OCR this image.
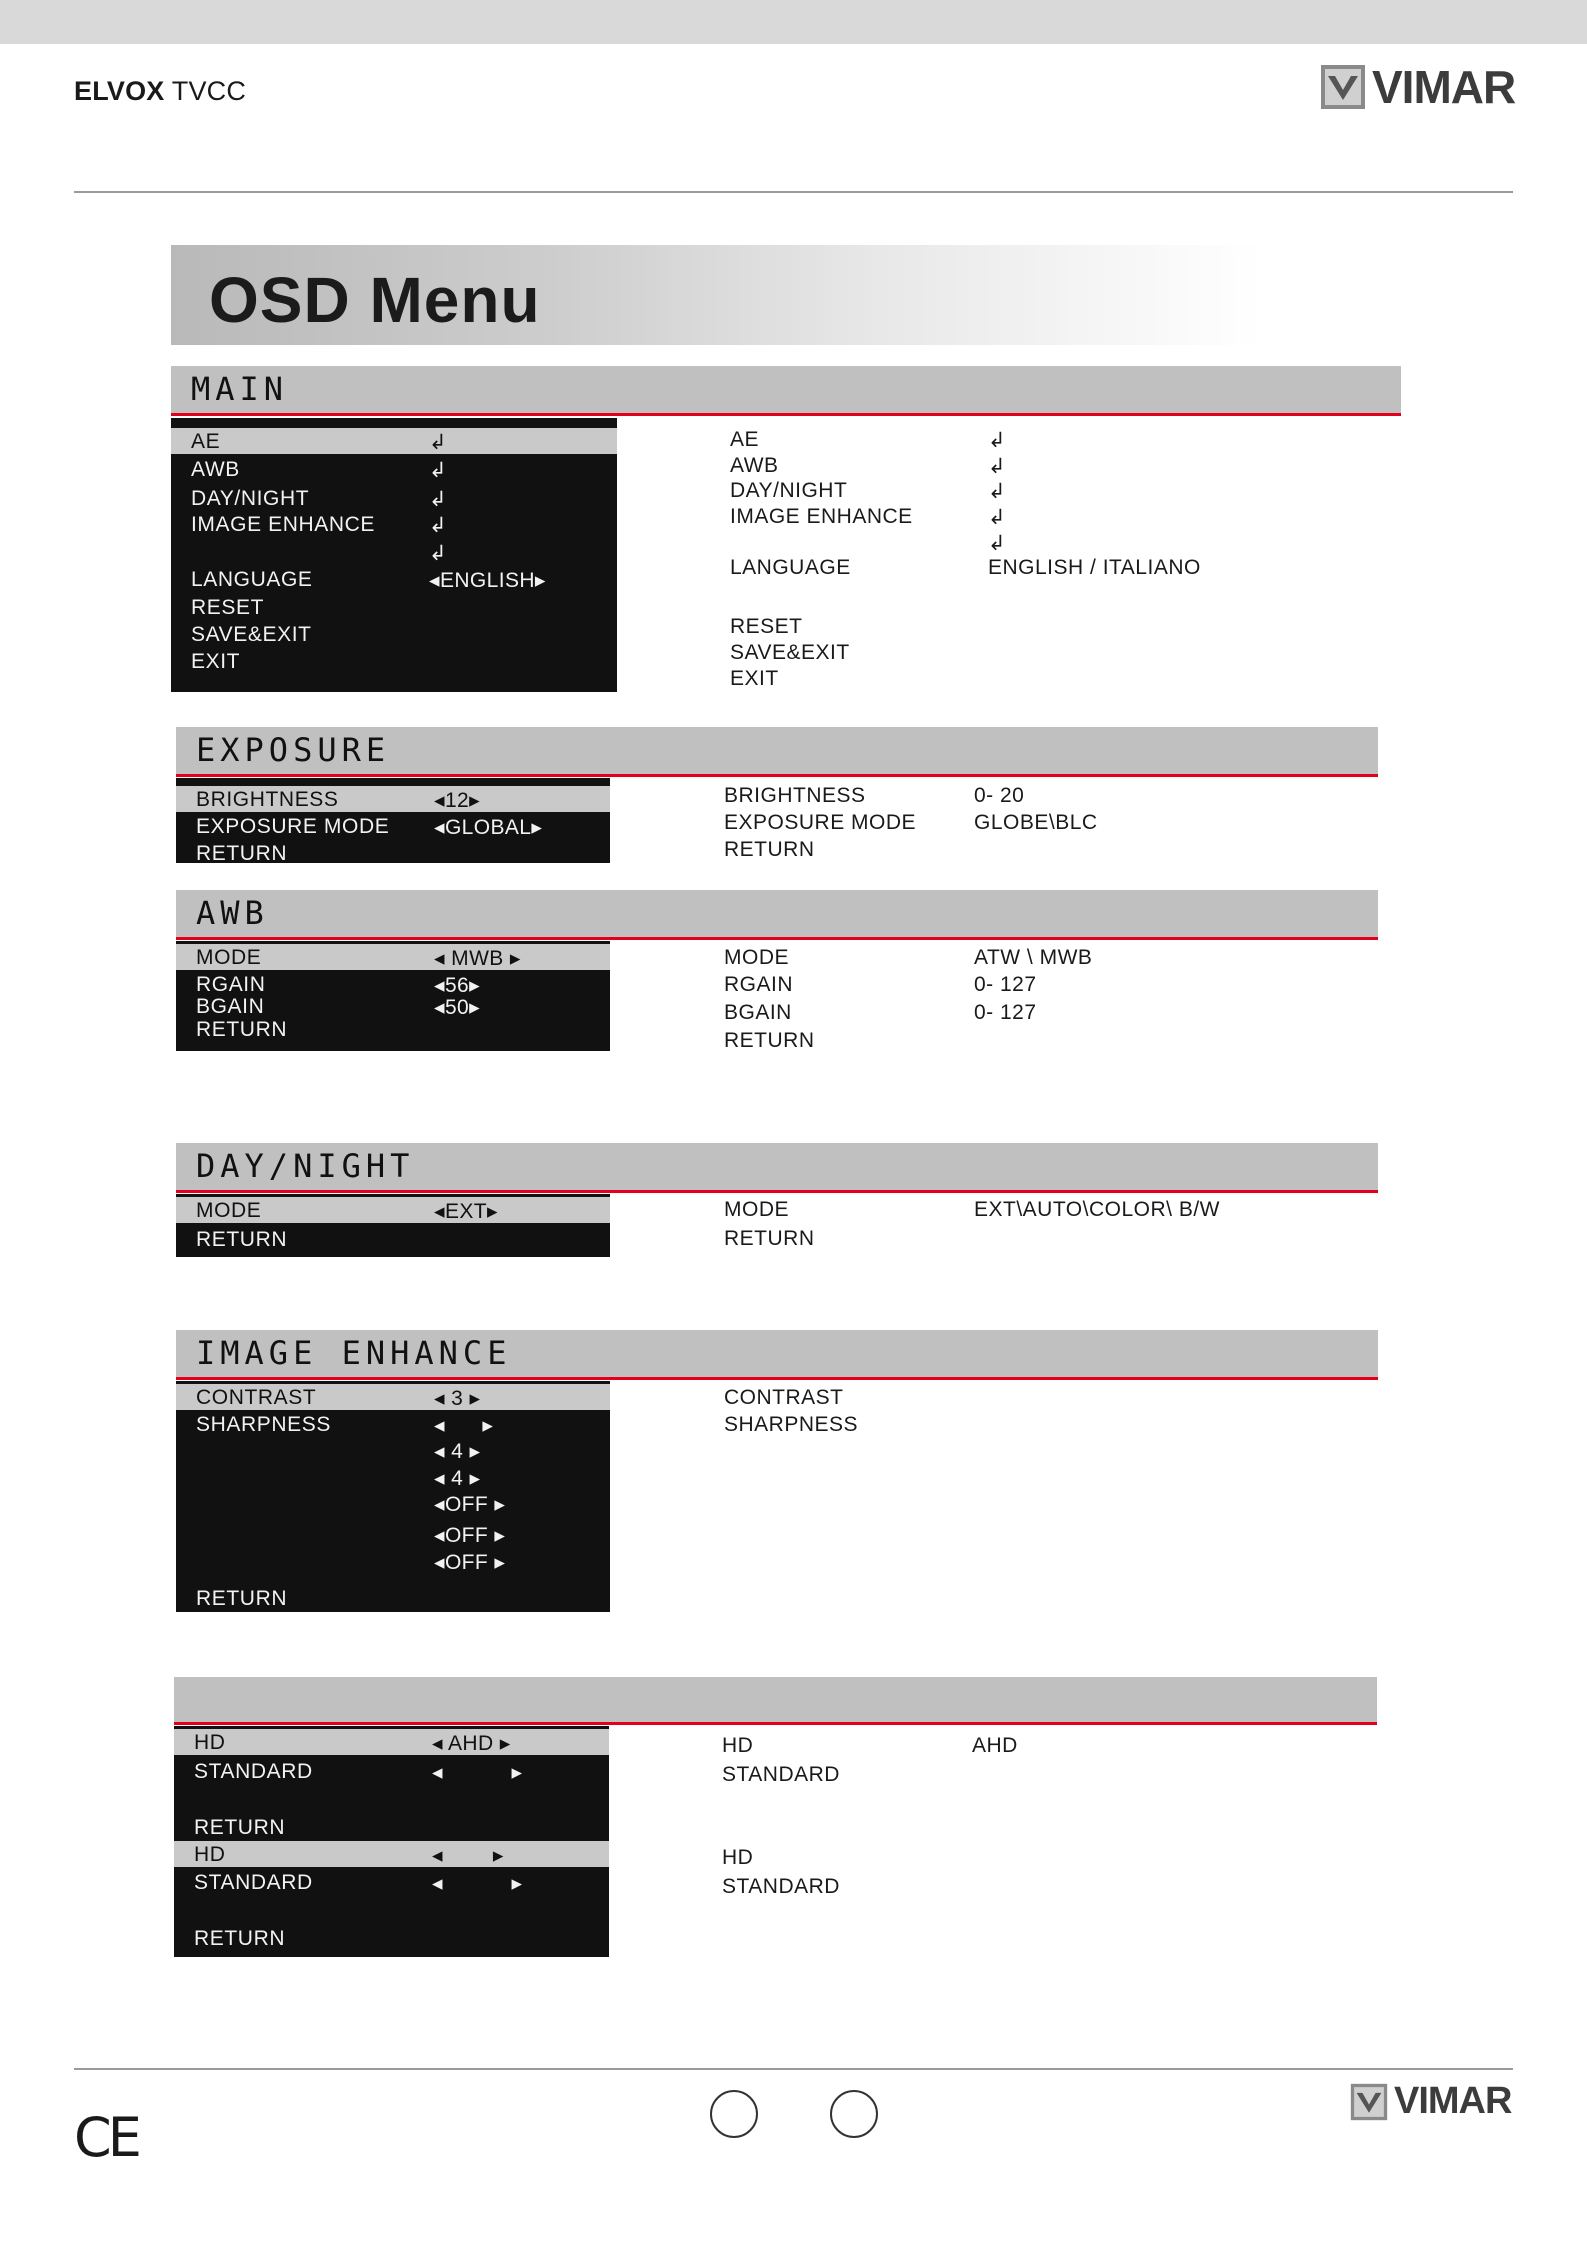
ELVOX TVCC	VIMAR
OSD Menu
MAIN
AE	↲
AWB	↲
DAY/NIGHT	↲
IMAGE ENHANCE	↲
↲
LANGUAGE	◂ENGLISH▸
RESET
SAVE&EXIT
EXIT
AE	↲
AWB	↲
DAY/NIGHT	↲
IMAGE ENHANCE	↲
↲
LANGUAGE	ENGLISH / ITALIANO
RESET
SAVE&EXIT
EXIT
EXPOSURE
BRIGHTNESS	◂12▸
EXPOSURE MODE ◂GLOBAL▸
RETURN
BRIGHTNESS	0- 20
EXPOSURE MODE	GLOBE\BLC
RETURN
AWB
MODE	◂ MWB ▸
RGAIN	◂56▸
BGAIN	◂50▸
RETURN
MODE	ATW \ MWB
RGAIN	0- 127
BGAIN	0- 127
RETURN
DAY/NIGHT
MODE	◂EXT▸
RETURN
MODE	EXT\AUTO\COLOR\ B/W
RETURN
IMAGE ENHANCE
CONTRAST	◂ 3 ▸
SHARPNESS	◂      ▸
◂ 4 ▸
◂ 4 ▸
◂OFF ▸
◂OFF ▸
◂OFF ▸
RETURN
CONTRAST
SHARPNESS
HD	◂ AHD ▸
STANDARD	◂           ▸
RETURN
HD	◂        ▸
STANDARD	◂           ▸
RETURN
HD	AHD
STANDARD
HD
STANDARD
CE
VIMAR
